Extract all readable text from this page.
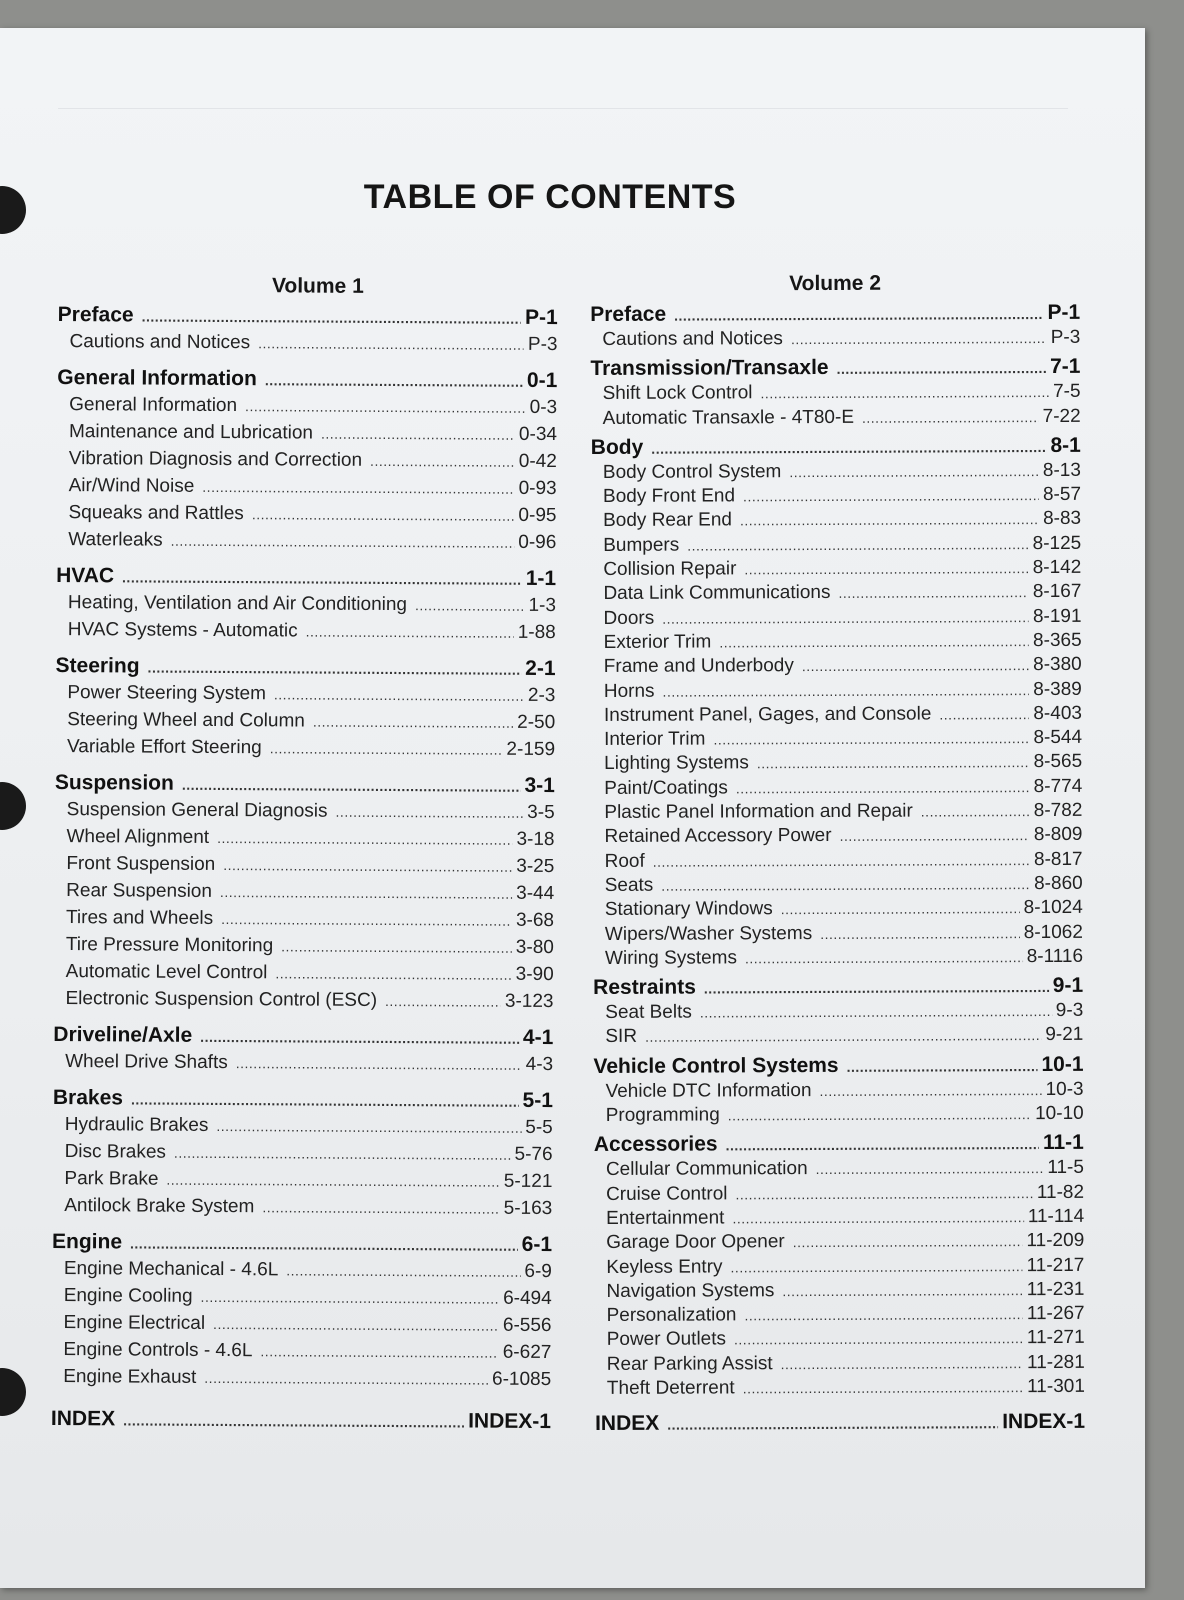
TABLE OF CONTENTS
Volume 1
Preface .....	P-1
Cautions and Notices .....	P-3
General Information .....	0-1
General Information .....	0-3
Maintenance and Lubrication .....	0-34
Vibration Diagnosis and Correction .....	0-42
Air/Wind Noise .....	0-93
Squeaks and Rattles .....	0-95
Waterleaks .....	0-96
HVAC .....	1-1
Heating, Ventilation and Air Conditioning .....	1-3
HVAC Systems - Automatic .....	1-88
Steering .....	2-1
Power Steering System .....	2-3
Steering Wheel and Column .....	2-50
Variable Effort Steering .....	2-159
Suspension .....	3-1
Suspension General Diagnosis .....	3-5
Wheel Alignment .....	3-18
Front Suspension .....	3-25
Rear Suspension .....	3-44
Tires and Wheels .....	3-68
Tire Pressure Monitoring .....	3-80
Automatic Level Control .....	3-90
Electronic Suspension Control (ESC) .....	3-123
Driveline/Axle .....	4-1
Wheel Drive Shafts .....	4-3
Brakes .....	5-1
Hydraulic Brakes .....	5-5
Disc Brakes .....	5-76
Park Brake .....	5-121
Antilock Brake System .....	5-163
Engine .....	6-1
Engine Mechanical - 4.6L .....	6-9
Engine Cooling .....	6-494
Engine Electrical .....	6-556
Engine Controls - 4.6L .....	6-627
Engine Exhaust .....	6-1085
INDEX .....	INDEX-1
Volume 2
Preface .....	P-1
Cautions and Notices .....	P-3
Transmission/Transaxle .....	7-1
Shift Lock Control .....	7-5
Automatic Transaxle - 4T80-E .....	7-22
Body .....	8-1
Body Control System .....	8-13
Body Front End .....	8-57
Body Rear End .....	8-83
Bumpers .....	8-125
Collision Repair .....	8-142
Data Link Communications .....	8-167
Doors .....	8-191
Exterior Trim .....	8-365
Frame and Underbody .....	8-380
Horns .....	8-389
Instrument Panel, Gages, and Console .....	8-403
Interior Trim .....	8-544
Lighting Systems .....	8-565
Paint/Coatings .....	8-774
Plastic Panel Information and Repair .....	8-782
Retained Accessory Power .....	8-809
Roof .....	8-817
Seats .....	8-860
Stationary Windows .....	8-1024
Wipers/Washer Systems .....	8-1062
Wiring Systems .....	8-1116
Restraints .....	9-1
Seat Belts .....	9-3
SIR .....	9-21
Vehicle Control Systems .....	10-1
Vehicle DTC Information .....	10-3
Programming .....	10-10
Accessories .....	11-1
Cellular Communication .....	11-5
Cruise Control .....	11-82
Entertainment .....	11-114
Garage Door Opener .....	11-209
Keyless Entry .....	11-217
Navigation Systems .....	11-231
Personalization .....	11-267
Power Outlets .....	11-271
Rear Parking Assist .....	11-281
Theft Deterrent .....	11-301
INDEX .....	INDEX-1
